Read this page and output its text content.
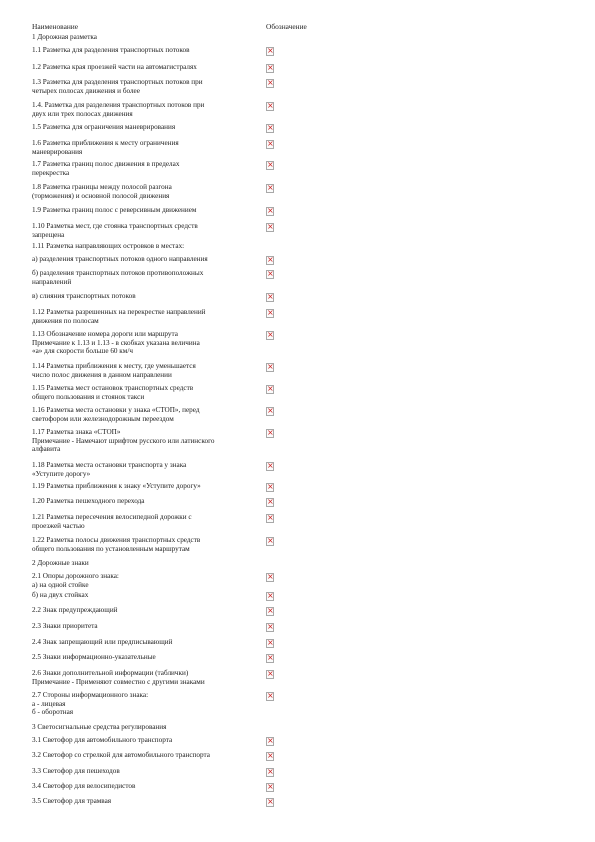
Наименование	Обозначение
1 Дорожная разметка
1.1 Разметка для разделения транспортных потоков
×
1.2 Разметка края проезжей части на автомагистралях
×
1.3 Разметка для разделения транспортных потоков при
четырех полосах движения и более
×
1.4. Разметка для разделения транспортных потоков при
двух или трех полосах движения
×
1.5 Разметка для ограничения маневрирования
×
1.6 Разметка приближения к месту ограничения
маневрирования
×
1.7 Разметка границ полос движения в пределах
перекрестка
×
1.8 Разметка границы между полосой разгона
(торможения) и основной полосой движения
×
1.9 Разметка границ полос с реверсивным движением
×
1.10 Разметка мест, где стоянка транспортных средств
запрещена
×
1.11 Разметка направляющих островков в местах:
а) разделения транспортных потоков одного направления
×
б) разделения транспортных потоков противоположных
направлений
×
в) слияния транспортных потоков
×
1.12 Разметка разрешенных на перекрестке направлений
движения по полосам
×
1.13 Обозначение номера дороги или маршрута
Примечание к 1.13 и 1.13 - в скобках указана величина
«a» для скорости больше 60 км/ч
×
1.14 Разметка приближения к месту, где уменьшается
число полос движения в данном направлении
×
1.15 Разметка мест остановок транспортных средств
общего пользования и стоянок такси
×
1.16 Разметка места остановки у знака «СТОП», перед
светофором или железнодорожным переездом
×
1.17 Разметка знака «СТОП»
Примечание - Намечают шрифтом русского или латинского
алфавита
×
1.18 Разметка места остановки транспорта у знака
«Уступите дорогу»
×
1.19 Разметка приближения к знаку «Уступите дорогу»
×
1.20 Разметка пешеходного перехода
×
1.21 Разметка пересечения велосипедной дорожки с
проезжей частью
×
1.22 Разметка полосы движения транспортных средств
общего пользования по установленным маршрутам
×
2 Дорожные знаки
2.1 Опоры дорожного знака:
а) на одной стойке
×
б) на двух стойках
×
2.2 Знак предупреждающий
×
2.3 Знаки приоритета
×
2.4 Знак запрещающий или предписывающий
×
2.5 Знаки информационно-указательные
×
2.6 Знаки дополнительной информации (таблички)
Примечание - Применяют совместно с другими знаками
×
2.7 Стороны информационного знака:
а - лицевая
б - оборотная
×
3 Светосигнальные средства регулирования
3.1 Светофор для автомобильного транспорта
×
3.2 Светофор со стрелкой для автомобильного транспорта
×
3.3 Светофор для пешеходов
×
3.4 Светофор для велосипедистов
×
3.5 Светофор для трамвая
×
